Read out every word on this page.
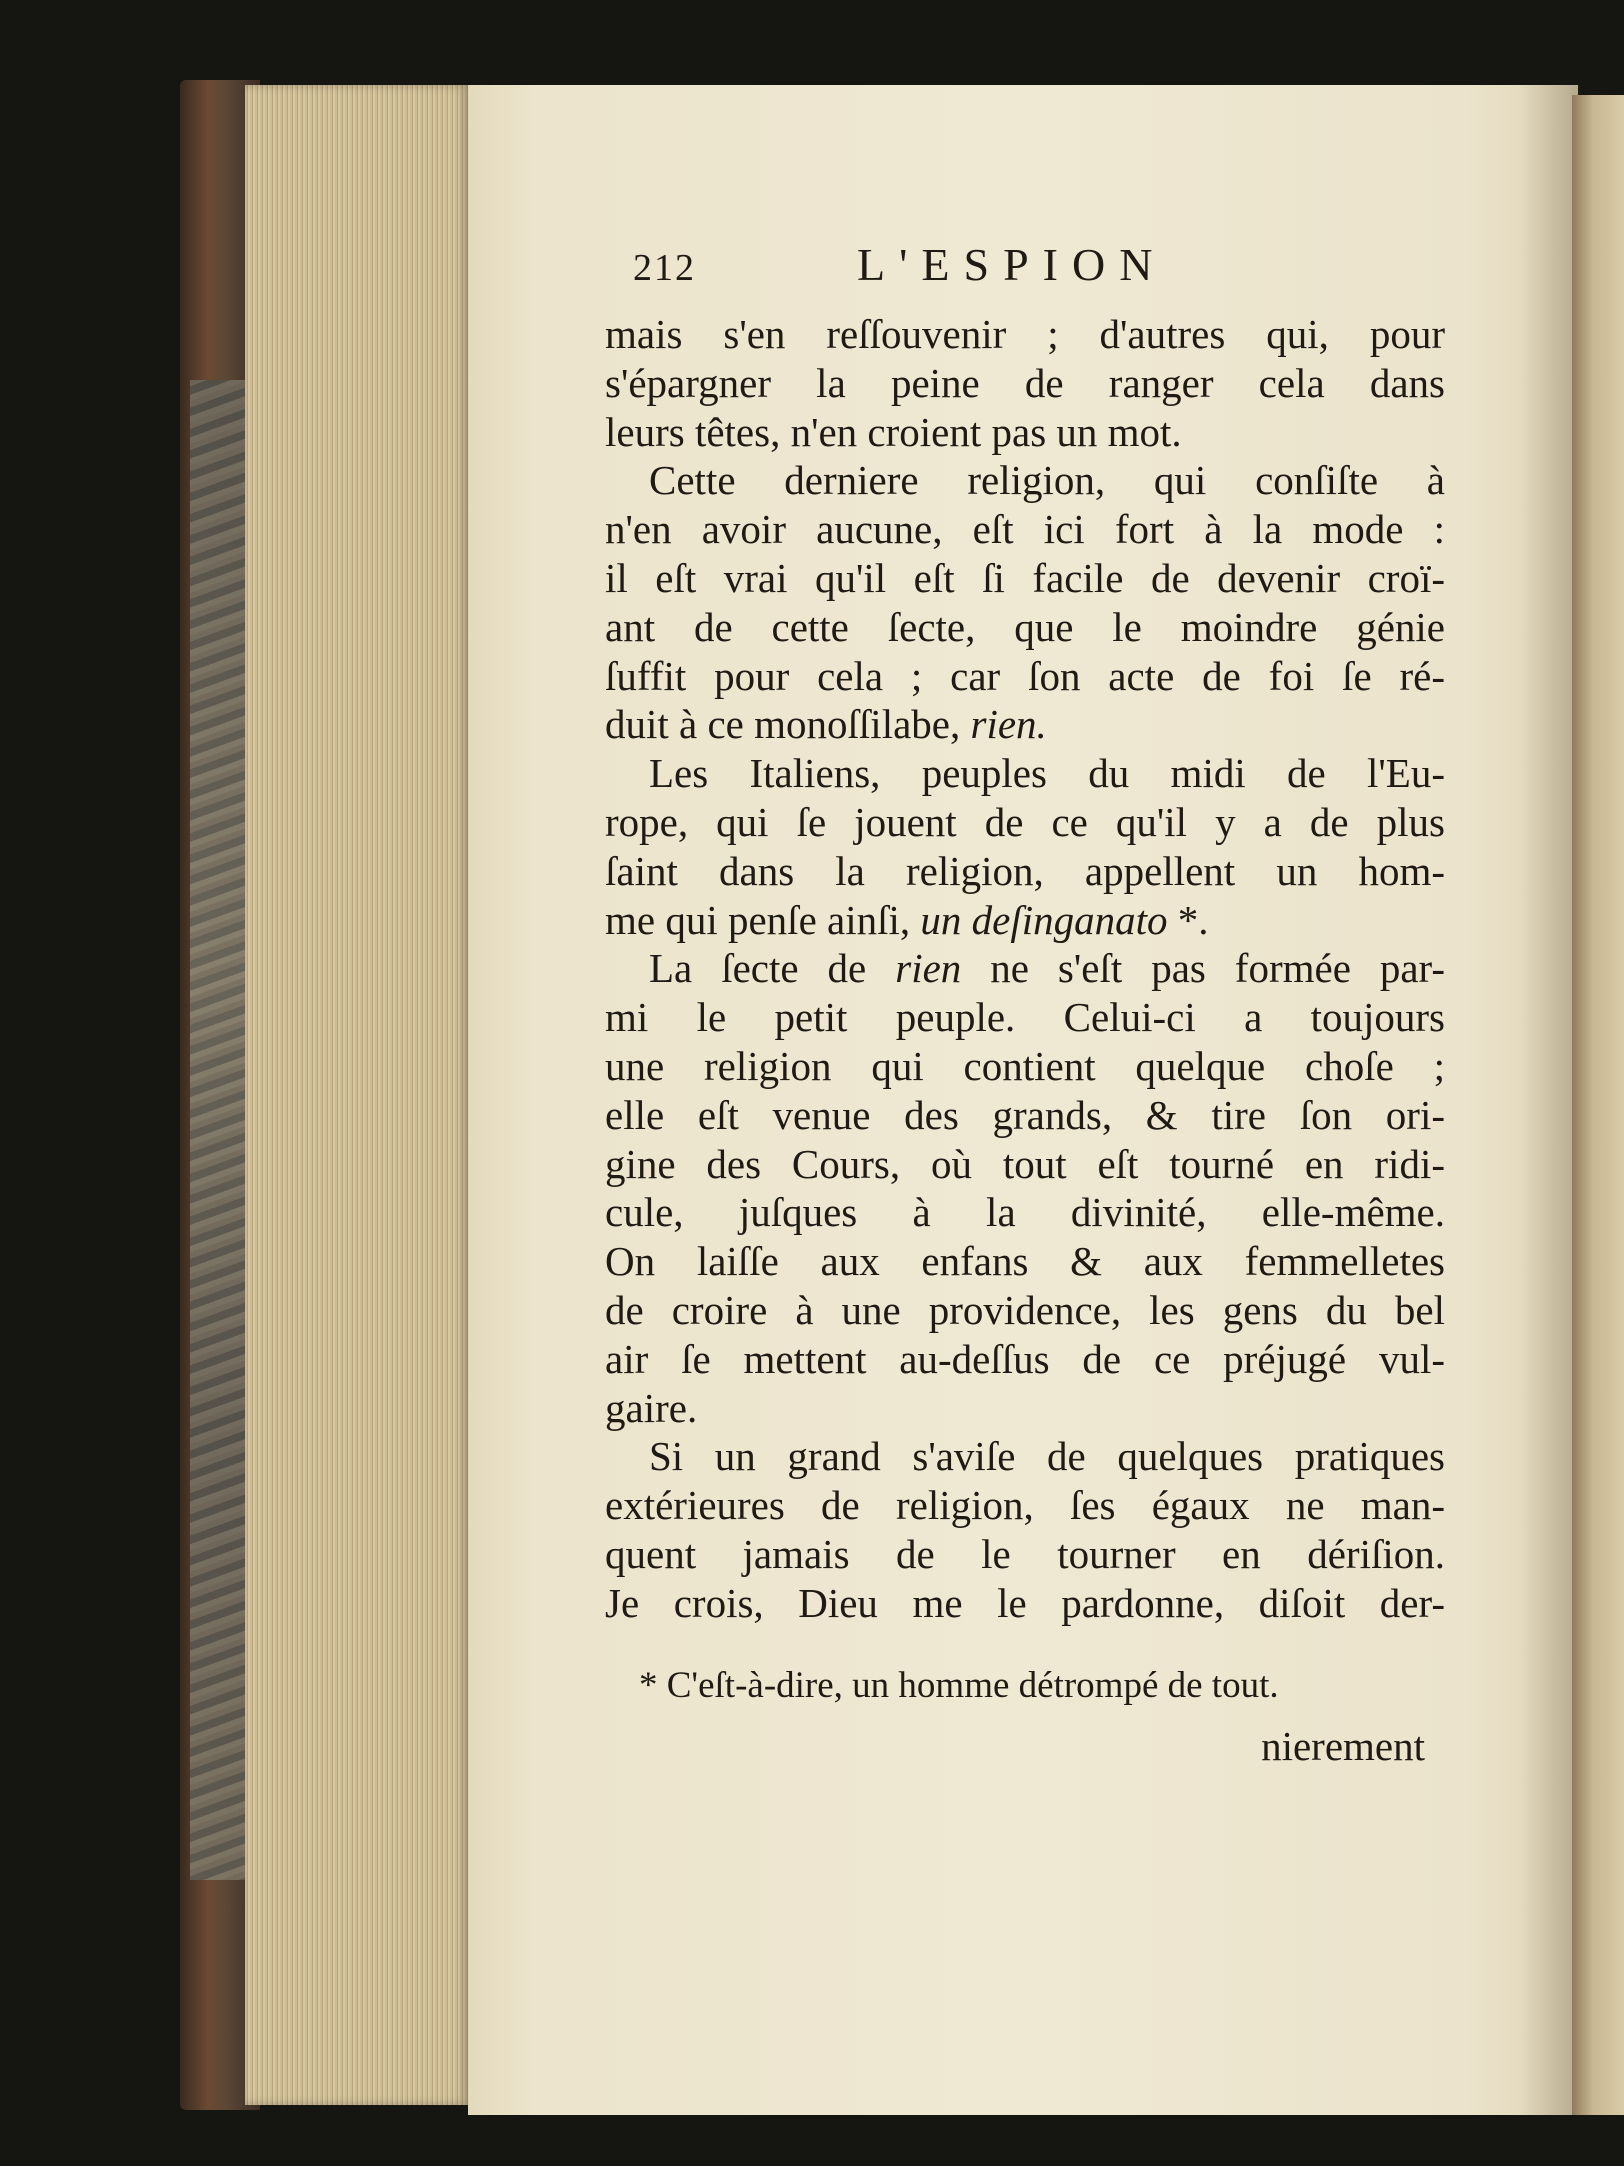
212	L'ESPION
mais s'en reſſouvenir ; d'autres qui, pour
s'épargner la peine de ranger cela dans
leurs têtes, n'en croient pas un mot.
Cette derniere religion, qui conſiſte à
n'en avoir aucune, eſt ici fort à la mode :
il eſt vrai qu'il eſt ſi facile de devenir croï-
ant de cette ſecte, que le moindre génie
ſuffit pour cela ; car ſon acte de foi ſe ré-
duit à ce monoſſilabe, rien.
Les Italiens, peuples du midi de l'Eu-
rope, qui ſe jouent de ce qu'il y a de plus
ſaint dans la religion, appellent un hom-
me qui penſe ainſi, un deſinganato *.
La ſecte de rien ne s'eſt pas formée par-
mi le petit peuple. Celui-ci a toujours
une religion qui contient quelque choſe ;
elle eſt venue des grands, & tire ſon ori-
gine des Cours, où tout eſt tourné en ridi-
cule, juſques à la divinité, elle-même.
On laiſſe aux enfans & aux femmelletes
de croire à une providence, les gens du bel
air ſe mettent au-deſſus de ce préjugé vul-
gaire.
Si un grand s'aviſe de quelques pratiques
extérieures de religion, ſes égaux ne man-
quent jamais de le tourner en dériſion.
Je crois, Dieu me le pardonne, diſoit der-
* C'eſt-à-dire, un homme détrompé de tout.
nierement
